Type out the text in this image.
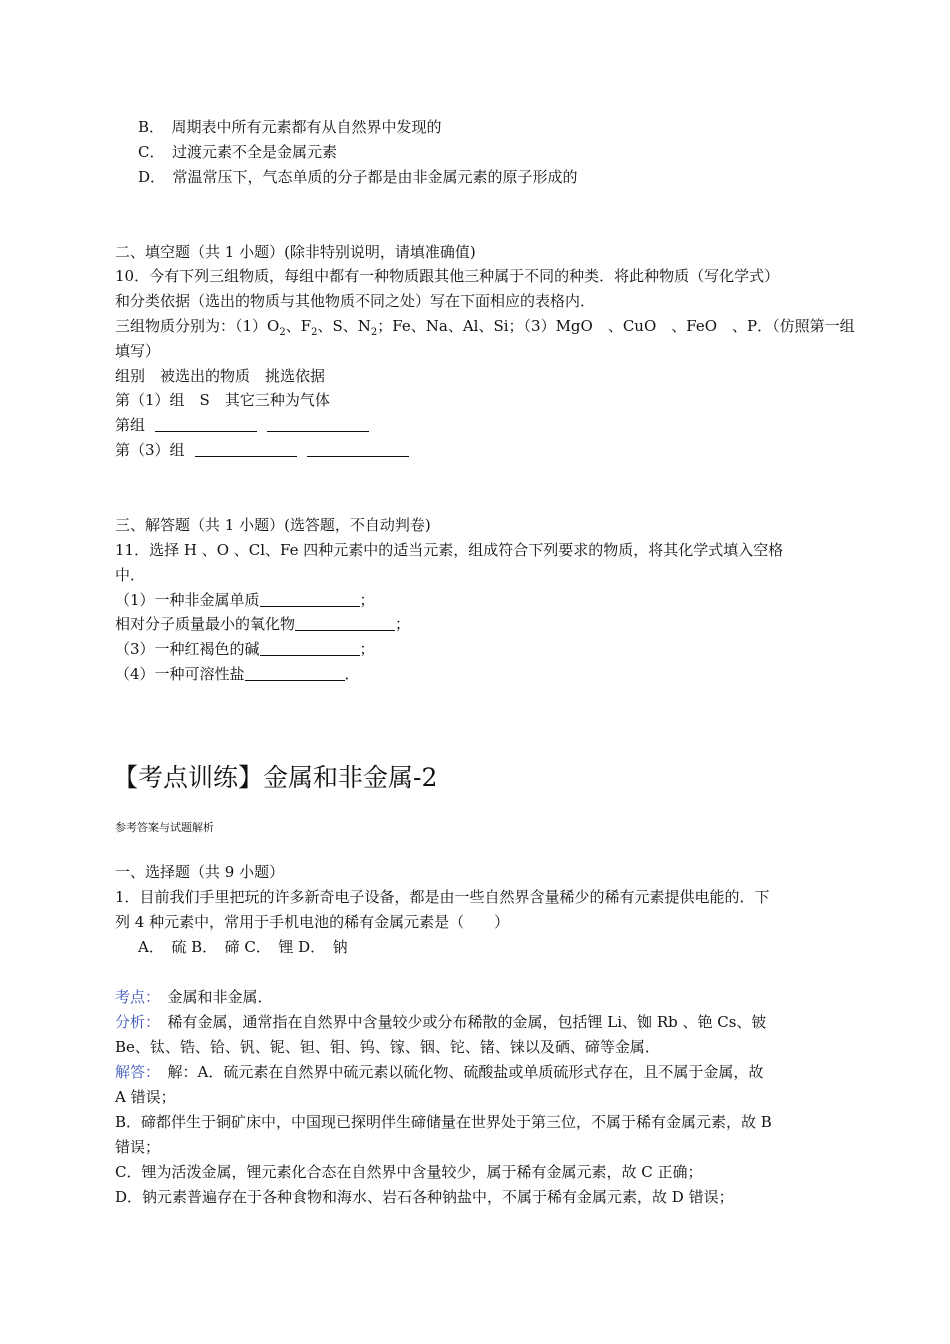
B．　周期表中所有元素都有从自然界中发现的
C．　过渡元素不全是金属元素
D．　常温常压下，气态单质的分子都是由非金属元素的原子形成的
二、填空题（共 1 小题）(除非特别说明，请填准确值)
10．今有下列三组物质，每组中都有一种物质跟其他三种属于不同的种类．将此种物质（写化学式）
和分类依据（选出的物质与其他物质不同之处）写在下面相应的表格内．
三组物质分别为：$(1)O_2$、$F_2$、S、$N_2$；Fe、Na、Al、Si；（3）MgO　、CuO　、FeO　、P．（仿照第一组
填写）
组别　被选出的物质　挑选依据
第（1）组　S　其它三种为气体
第组
第（3）组
三、解答题（共 1 小题）(选答题，不自动判卷)
11．选择 H 、O 、Cl、Fe 四种元素中的适当元素，组成符合下列要求的物质，将其化学式填入空格
中．
（1）一种非金属单质	；
相对分子质量最小的氧化物	；
（3）一种红褐色的碱	；
（4）一种可溶性盐	．
【考点训练】金属和非金属-2
参考答案与试题解析
一、选择题（共 9 小题）
1．目前我们手里把玩的许多新奇电子设备，都是由一些自然界含量稀少的稀有元素提供电能的．下
列 4 种元素中，常用于手机电池的稀有金属元素是（　　）
A．　硫 B．　碲 C．　锂 D．　钠
考点：　金属和非金属．
分析：　稀有金属，通常指在自然界中含量较少或分布稀散的金属，包括锂 Li、铷 Rb 、铯 Cs、铍
Be、钛、锆、铪、钒、铌、钽、钼、钨、镓、铟、铊、锗、铼以及硒、碲等金属．
解答：　解：A．硫元素在自然界中硫元素以硫化物、硫酸盐或单质硫形式存在，且不属于金属，故
A 错误；
B．碲都伴生于铜矿床中，中国现已探明伴生碲储量在世界处于第三位，不属于稀有金属元素，故 B
错误；
C．锂为活泼金属，锂元素化合态在自然界中含量较少，属于稀有金属元素，故 C 正确；
D．钠元素普遍存在于各种食物和海水、岩石各种钠盐中，不属于稀有金属元素，故 D 错误；
